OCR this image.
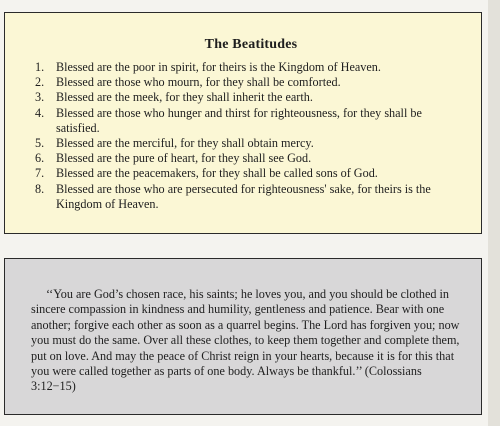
The Beatitudes
1. Blessed are the poor in spirit, for theirs is the Kingdom of Heaven.
2. Blessed are those who mourn, for they shall be comforted.
3. Blessed are the meek, for they shall inherit the earth.
4. Blessed are those who hunger and thirst for righteousness, for they shall be satisfied.
5. Blessed are the merciful, for they shall obtain mercy.
6. Blessed are the pure of heart, for they shall see God.
7. Blessed are the peacemakers, for they shall be called sons of God.
8. Blessed are those who are persecuted for righteousness' sake, for theirs is the Kingdom of Heaven.

‘‘You are God’s chosen race, his saints; he loves you, and you should be clothed in sincere compassion in kindness and humility, gentleness and patience. Bear with one another; forgive each other as soon as a quarrel begins. The Lord has forgiven you; now you must do the same. Over all these clothes, to keep them together and complete them, put on love. And may the peace of Christ reign in your hearts, because it is for this that you were called together as parts of one body. Always be thankful.’’ (Colossians 3:12−15)
